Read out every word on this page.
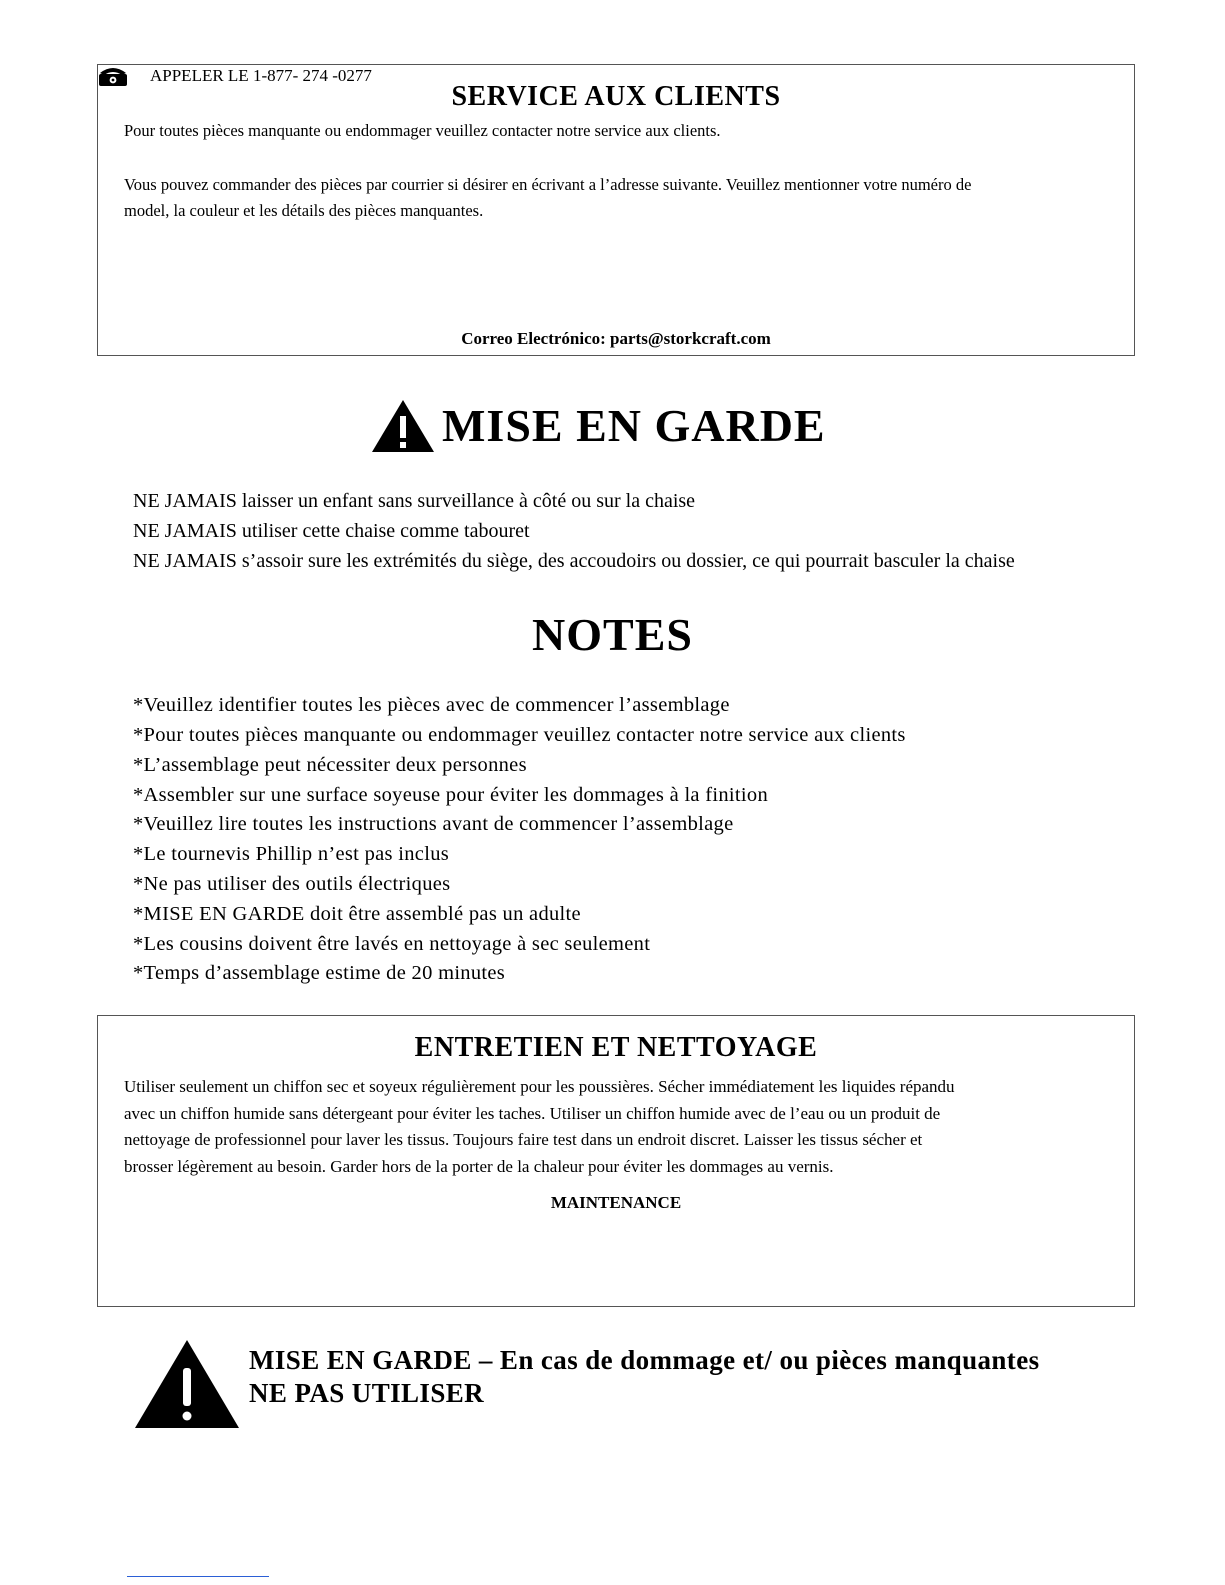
SERVICE AUX CLIENTS
Pour toutes pièces manquante ou endommager veuillez contacter notre service aux clients.
APPELER LE 1-877- 274 -0277
Vous pouvez commander des pièces par courrier si désirer en écrivant a l’adresse suivante. Veuillez mentionner votre numéro de
model, la couleur et les détails des pièces manquantes.
Correo Electrónico: parts@storkcraft.com
MISE EN GARDE
NE JAMAIS laisser un enfant sans surveillance à côté ou sur la chaise
NE JAMAIS utiliser cette chaise comme tabouret
NE JAMAIS s’assoir sure les extrémités du siège, des accoudoirs ou dossier, ce qui pourrait basculer la chaise
NOTES
*Veuillez identifier toutes les pièces avec de commencer l’assemblage
*Pour toutes pièces manquante ou endommager veuillez contacter notre service aux clients
*L’assemblage peut nécessiter deux personnes
*Assembler sur une surface soyeuse pour éviter les dommages à la finition
*Veuillez lire toutes les instructions avant de commencer l’assemblage
*Le tournevis Phillip n’est pas inclus
*Ne pas utiliser des outils électriques
*MISE EN GARDE doit être assemblé pas un adulte
*Les cousins doivent être lavés en nettoyage à sec seulement
*Temps d’assemblage estime de 20 minutes
ENTRETIEN ET NETTOYAGE
Utiliser seulement un chiffon sec et soyeux régulièrement pour les poussières. Sécher immédiatement les liquides répandu
avec un chiffon humide sans détergeant pour éviter les taches. Utiliser un chiffon humide avec de l’eau ou un produit de
nettoyage de professionnel pour laver les tissus. Toujours faire test dans un endroit discret. Laisser les tissus sécher et
brosser légèrement au besoin. Garder hors de la porter de la chaleur pour éviter les dommages au vernis.
MAINTENANCE
MISE EN GARDE – En cas de dommage et/ ou pièces manquantes
NE PAS UTILISER
